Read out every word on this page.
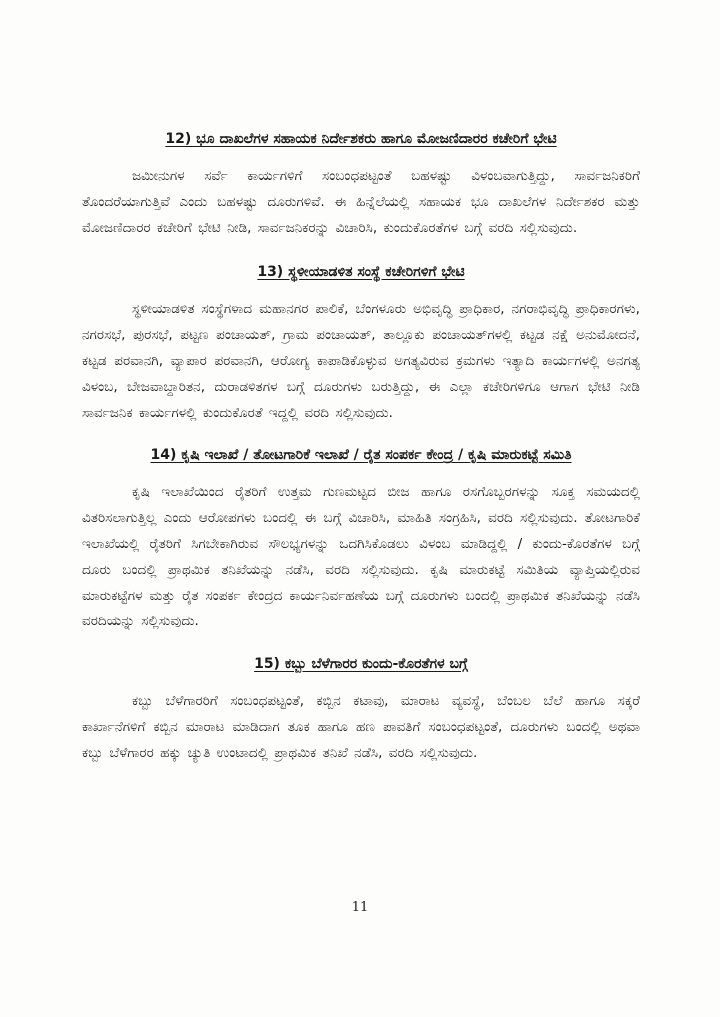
12) ಭೂ ದಾಖಲೆಗಳ ಸಹಾಯಕ ನಿರ್ದೇಶಕರು ಹಾಗೂ ಮೋಜಣಿದಾರರ ಕಚೇರಿಗೆ ಭೇಟಿ

ಜಮೀನುಗಳ ಸರ್ವೆ ಕಾರ್ಯಗಳಿಗೆ ಸಂಬಂಧಪಟ್ಟಂತೆ ಬಹಳಷ್ಟು ವಿಳಂಬವಾಗುತ್ತಿದ್ದು, ಸಾರ್ವಜನಿಕರಿಗೆ ತೊಂದರೆಯಾಗುತ್ತಿವೆ ಎಂದು ಬಹಳಷ್ಟು ದೂರುಗಳಿವೆ. ಈ ಹಿನ್ನೆಲೆಯಲ್ಲಿ ಸಹಾಯಕ ಭೂ ದಾಖಲೆಗಳ ನಿರ್ದೇಶಕರ ಮತ್ತು ಮೋಜಣಿದಾರರ ಕಚೇರಿಗೆ ಭೇಟಿ ನೀಡಿ, ಸಾರ್ವಜನಿಕರನ್ನು ವಿಚಾರಿಸಿ, ಕುಂದುಕೊರತೆಗಳ ಬಗ್ಗೆ ವರದಿ ಸಲ್ಲಿಸುವುದು.

13) ಸ್ಥಳೀಯಾಡಳಿತ ಸಂಸ್ಥೆ ಕಚೇರಿಗಳಿಗೆ ಭೇಟಿ

ಸ್ಥಳೀಯಾಡಳಿತ ಸಂಸ್ಥೆಗಳಾದ ಮಹಾನಗರ ಪಾಲಿಕೆ, ಬೆಂಗಳೂರು ಅಭಿವೃದ್ಧಿ ಪ್ರಾಧಿಕಾರ, ನಗರಾಭಿವೃದ್ಧಿ ಪ್ರಾಧಿಕಾರಗಳು, ನಗರಸಭೆ, ಪುರಸಭೆ, ಪಟ್ಟಣ ಪಂಚಾಯತ್, ಗ್ರಾಮ ಪಂಚಾಯತ್, ತಾಲ್ಲೂಕು ಪಂಚಾಯತ್‌ಗಳಲ್ಲಿ ಕಟ್ಟಡ ನಕ್ಷೆ ಅನುಮೋದನೆ, ಕಟ್ಟಡ ಪರವಾನಗಿ, ವ್ಯಾಪಾರ ಪರವಾನಗಿ, ಆರೋಗ್ಯ ಕಾಪಾಡಿಕೊಳ್ಳುವ ಅಗತ್ಯವಿರುವ ಕ್ರಮಗಳು ಇತ್ಯಾದಿ ಕಾರ್ಯಗಳಲ್ಲಿ ಅನಗತ್ಯ ವಿಳಂಬ, ಬೇಜವಾಬ್ದಾರಿತನ, ದುರಾಡಳಿತಗಳ ಬಗ್ಗೆ ದೂರುಗಳು ಬರುತ್ತಿದ್ದು, ಈ ಎಲ್ಲಾ ಕಚೇರಿಗಳಿಗೂ ಆಗಾಗ ಭೇಟಿ ನೀಡಿ ಸಾರ್ವಜನಿಕ ಕಾರ್ಯಗಳಲ್ಲಿ ಕುಂದುಕೊರತೆ ಇದ್ದಲ್ಲಿ ವರದಿ ಸಲ್ಲಿಸುವುದು.

14) ಕೃಷಿ ಇಲಾಖೆ / ತೋಟಗಾರಿಕೆ ಇಲಾಖೆ / ರೈತ ಸಂಪರ್ಕ ಕೇಂದ್ರ / ಕೃಷಿ ಮಾರುಕಟ್ಟೆ ಸಮಿತಿ

ಕೃಷಿ ಇಲಾಖೆಯಿಂದ ರೈತರಿಗೆ ಉತ್ತಮ ಗುಣಮಟ್ಟದ ಬೀಜ ಹಾಗೂ ರಸಗೊಬ್ಬರಗಳನ್ನು ಸೂಕ್ತ ಸಮಯದಲ್ಲಿ ವಿತರಿಸಲಾಗುತ್ತಿಲ್ಲ ಎಂದು ಆರೋಪಗಳು ಬಂದಲ್ಲಿ ಈ ಬಗ್ಗೆ ವಿಚಾರಿಸಿ, ಮಾಹಿತಿ ಸಂಗ್ರಹಿಸಿ, ವರದಿ ಸಲ್ಲಿಸುವುದು. ತೋಟಗಾರಿಕೆ ಇಲಾಖೆಯಲ್ಲಿ ರೈತರಿಗೆ ಸಿಗಬೇಕಾಗಿರುವ ಸೌಲಭ್ಯಗಳನ್ನು ಒದಗಿಸಿಕೊಡಲು ವಿಳಂಬ ಮಾಡಿದ್ದಲ್ಲಿ / ಕುಂದು-ಕೊರತೆಗಳ ಬಗ್ಗೆ ದೂರು ಬಂದಲ್ಲಿ ಪ್ರಾಥಮಿಕ ತನಿಖೆಯನ್ನು ನಡೆಸಿ, ವರದಿ ಸಲ್ಲಿಸುವುದು. ಕೃಷಿ ಮಾರುಕಟ್ಟೆ ಸಮಿತಿಯ ವ್ಯಾಪ್ತಿಯಲ್ಲಿರುವ ಮಾರುಕಟ್ಟೆಗಳ ಮತ್ತು ರೈತ ಸಂಪರ್ಕ ಕೇಂದ್ರದ ಕಾರ್ಯನಿರ್ವಹಣೆಯ ಬಗ್ಗೆ ದೂರುಗಳು ಬಂದಲ್ಲಿ ಪ್ರಾಥಮಿಕ ತನಿಖೆಯನ್ನು ನಡೆಸಿ ವರದಿಯನ್ನು ಸಲ್ಲಿಸುವುದು.

15) ಕಬ್ಬು ಬೆಳೆಗಾರರ ಕುಂದು-ಕೊರತೆಗಳ ಬಗ್ಗೆ

ಕಬ್ಬು ಬೆಳೆಗಾರರಿಗೆ ಸಂಬಂಧಪಟ್ಟಂತೆ, ಕಬ್ಬಿನ ಕಟಾವು, ಮಾರಾಟ ವ್ಯವಸ್ಥೆ, ಬೆಂಬಲ ಬೆಲೆ ಹಾಗೂ ಸಕ್ಕರೆ ಕಾರ್ಖಾನೆಗಳಿಗೆ ಕಬ್ಬಿನ ಮಾರಾಟ ಮಾಡಿದಾಗ ತೂಕ ಹಾಗೂ ಹಣ ಪಾವತಿಗೆ ಸಂಬಂಧಪಟ್ಟಂತೆ, ದೂರುಗಳು ಬಂದಲ್ಲಿ ಅಥವಾ ಕಬ್ಬು ಬೆಳೆಗಾರರ ಹಕ್ಕು ಚ್ಯುತಿ ಉಂಟಾದಲ್ಲಿ ಪ್ರಾಥಮಿಕ ತನಿಖೆ ನಡೆಸಿ, ವರದಿ ಸಲ್ಲಿಸುವುದು.

11
